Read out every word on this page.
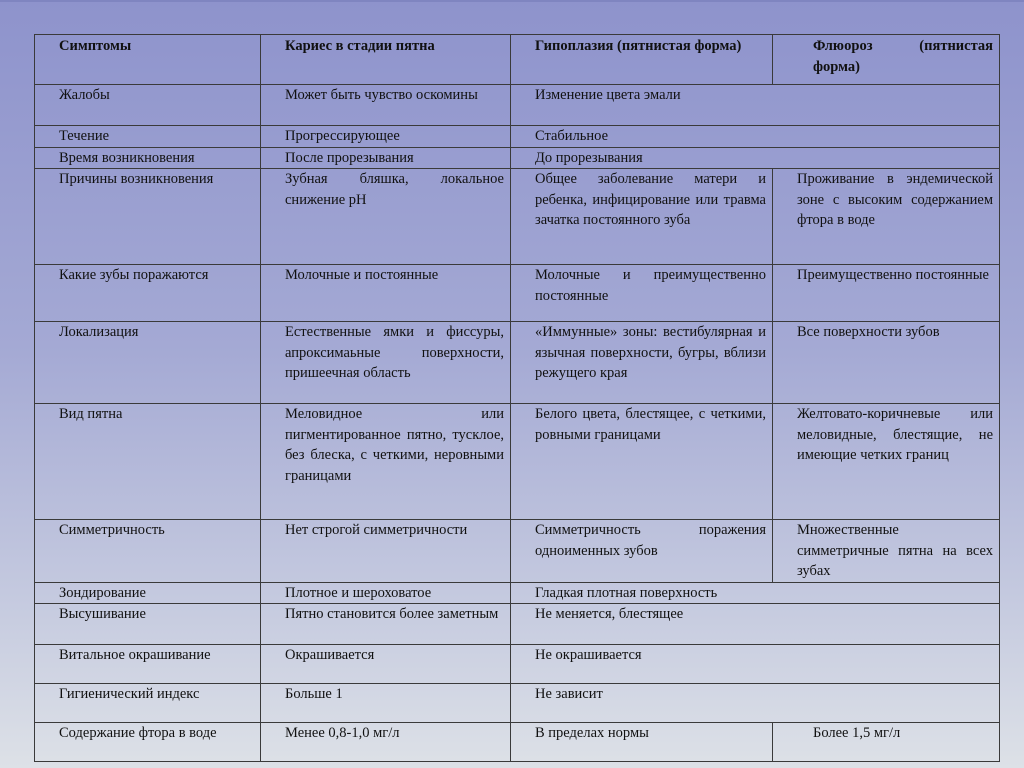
Симптомы	Кариес в стадии пятна	Гипоплазия (пятнистая форма)	Флюороз (пятнистая форма)
Жалобы	Может быть чувство оскомины	Изменение цвета эмали	
Течение	Прогрессирующее	Стабильное	
Время возникновения	После прорезывания	До прорезывания	
Причины возникновения	Зубная бляшка, локальное снижение pH	Общее заболевание матери и ребенка, инфицирование или травма зачатка постоянного зуба	Проживание в эндемической зоне с высоким содержанием фтора в воде
Какие зубы поражаются	Молочные и постоянные	Молочные и преимущественно постоянные	Преимущественно постоянные
Локализация	Естественные ямки и фиссуры, апроксимаьные поверхности, пришеечная область	«Иммунные» зоны: вестибулярная и язычная поверхности, бугры, вблизи режущего края	Все поверхности зубов
Вид пятна	Меловидное или пигментированное пятно, тусклое, без блеска, с четкими, неровными границами	Белого цвета, блестящее, с четкими, ровными границами	Желтовато-коричневые или меловидные, блестящие, не имеющие четких границ
Симметричность	Нет строгой симметричности	Симметричность поражения одноименных зубов	Множественные симметричные пятна на всех зубах
Зондирование	Плотное и шероховатое	Гладкая плотная поверхность	
Высушивание	Пятно становится более заметным	Не меняется, блестящее	
Витальное окрашивание	Окрашивается	Не окрашивается	
Гигиенический индекс	Больше 1	Не зависит	
Содержание фтора в воде	Менее 0,8-1,0 мг/л	В пределах нормы	Более 1,5 мг/л
